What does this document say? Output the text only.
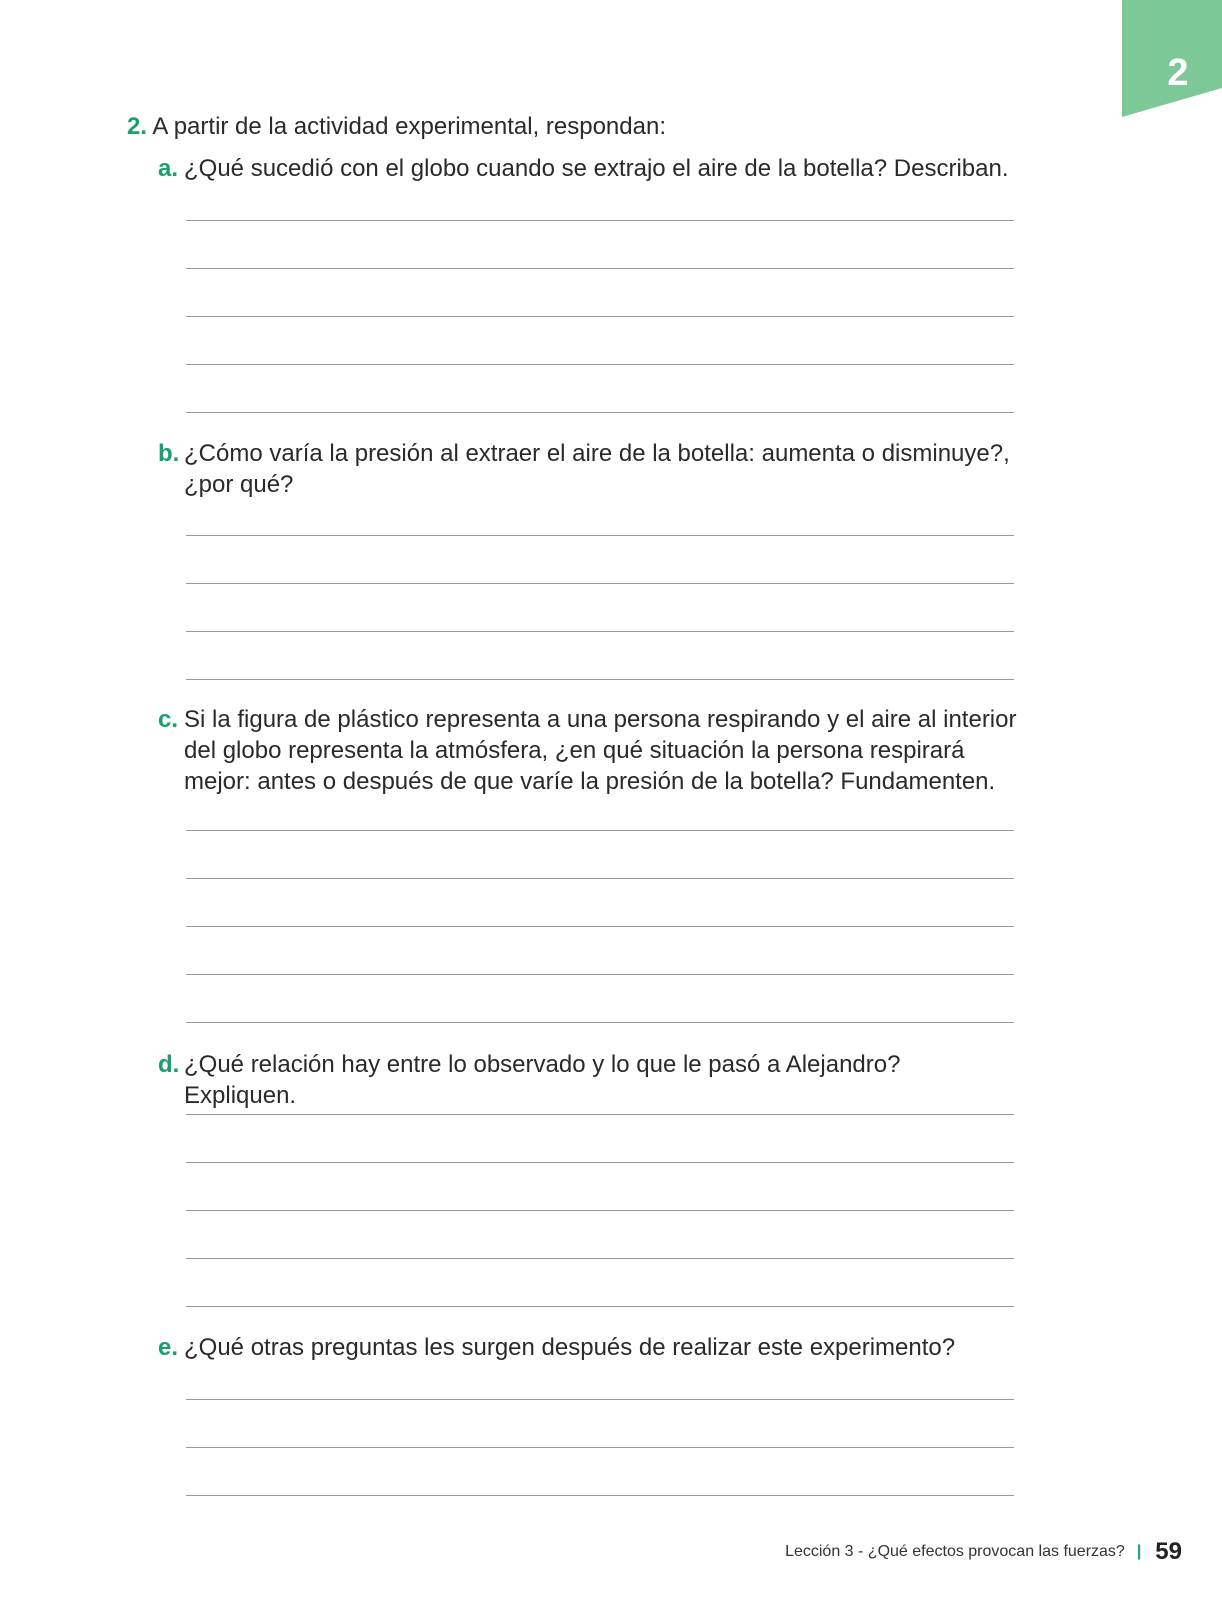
2
2. A partir de la actividad experimental, respondan:
a. ¿Qué sucedió con el globo cuando se extrajo el aire de la botella? Describan.
b. ¿Cómo varía la presión al extraer el aire de la botella: aumenta o disminuye?, ¿por qué?
c. Si la figura de plástico representa a una persona respirando y el aire al interior del globo representa la atmósfera, ¿en qué situación la persona respirará mejor: antes o después de que varíe la presión de la botella? Fundamenten.
d. ¿Qué relación hay entre lo observado y lo que le pasó a Alejandro? Expliquen.
e. ¿Qué otras preguntas les surgen después de realizar este experimento?
Lección 3 - ¿Qué efectos provocan las fuerzas? | 59
